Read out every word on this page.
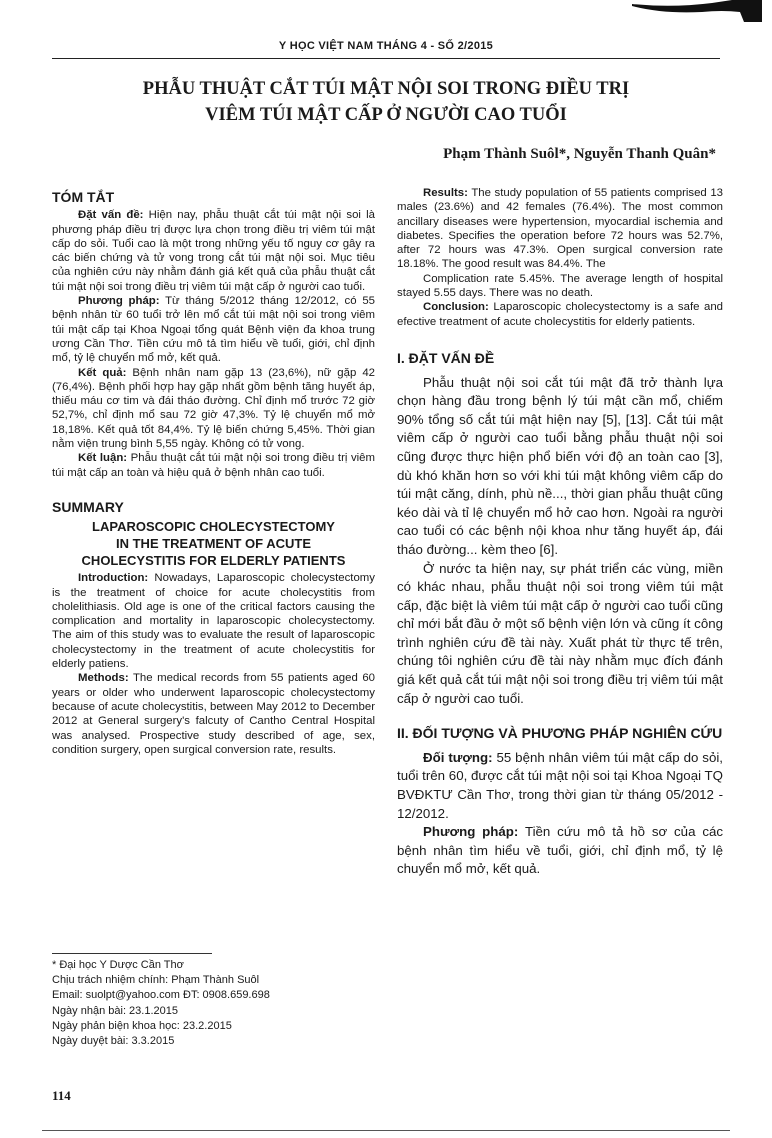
Y HỌC VIỆT NAM THÁNG 4 - SỐ 2/2015
PHẪU THUẬT CẮT TÚI MẬT NỘI SOI TRONG ĐIỀU TRỊ
VIÊM TÚI MẬT CẤP Ở NGƯỜI CAO TUỔI
Phạm Thành Suôl*, Nguyễn Thanh Quân*
TÓM TẮT

Đặt vấn đề: Hiện nay, phẫu thuật cắt túi mật nội soi là phương pháp điều trị được lựa chọn trong điều trị viêm túi mật cấp do sỏi. Tuổi cao là một trong những yếu tố nguy cơ gây ra các biến chứng và tử vong trong cắt túi mật nội soi. Mục tiêu của nghiên cứu này nhằm đánh giá kết quả của phẫu thuật cắt túi mật nội soi trong điều trị viêm túi mật cấp ở người cao tuổi.

Phương pháp: Từ tháng 5/2012 tháng 12/2012, có 55 bệnh nhân từ 60 tuổi trở lên mổ cắt túi mật nội soi trong viêm túi mật cấp tại Khoa Ngoại tổng quát Bệnh viện đa khoa trung ương Cần Thơ. Tiền cứu mô tả tìm hiểu về tuổi, giới, chỉ định mổ, tỷ lệ chuyển mổ mở, kết quả.

Kết quả: Bệnh nhân nam gặp 13 (23,6%), nữ gặp 42 (76,4%). Bệnh phối hợp hay gặp nhất gồm bệnh tăng huyết áp, thiếu máu cơ tim và đái tháo đường. Chỉ định mổ trước 72 giờ 52,7%, chỉ định mổ sau 72 giờ 47,3%. Tỷ lệ chuyển mổ mở 18,18%. Kết quả tốt 84,4%. Tỷ lệ biến chứng 5,45%. Thời gian nằm viện trung bình 5,55 ngày. Không có tử vong.

Kết luận: Phẫu thuật cắt túi mật nội soi trong điều trị viêm túi mật cấp an toàn và hiệu quả ở bệnh nhân cao tuổi.

SUMMARY
LAPAROSCOPIC CHOLECYSTECTOMY
IN THE TREATMENT OF ACUTE
CHOLECYSTITIS FOR ELDERLY PATIENTS

Introduction: Nowadays, Laparoscopic cholecystectomy is the treatment of choice for acute cholecystitis from cholelithiasis. Old age is one of the critical factors causing the complication and mortality in laparoscopic cholecystectomy. The aim of this study was to evaluate the result of laparoscopic cholecystectomy in the treatment of acute cholecystitis for elderly patiens.

Methods: The medical records from 55 patients aged 60 years or older who underwent laparoscopic cholecystectomy because of acute cholecystitis, between May 2012 to December 2012 at General surgery's falcuty of Cantho Central Hospital was analysed. Prospective study described of age, sex, condition surgery, open surgical conversion rate, results.

Results: The study population of 55 patients comprised 13 males (23.6%) and 42 females (76.4%). The most common ancillary diseases were hypertension, myocardial ischemia and diabetes. Specifies the operation before 72 hours was 52.7%, after 72 hours was 47.3%. Open surgical conversion rate 18.18%. The good result was 84.4%. The

Complication rate 5.45%. The average length of hospital stayed 5.55 days. There was no death.

Conclusion: Laparoscopic cholecystectomy is a safe and efective treatment of acute cholecystitis for elderly patients.

I. ĐẶT VẤN ĐỀ

Phẫu thuật nội soi cắt túi mật đã trở thành lựa chọn hàng đầu trong bệnh lý túi mật cần mổ, chiếm 90% tổng số cắt túi mật hiện nay [5], [13]. Cắt túi mật viêm cấp ở người cao tuổi bằng phẫu thuật nội soi cũng được thực hiện phổ biến với độ an toàn cao [3], dù khó khăn hơn so với khi túi mật không viêm cấp do túi mật căng, dính, phù nề..., thời gian phẫu thuật cũng kéo dài và tỉ lệ chuyển mổ hở cao hơn. Ngoài ra người cao tuổi có các bệnh nội khoa như tăng huyết áp, đái tháo đường... kèm theo [6].

Ở nước ta hiện nay, sự phát triển các vùng, miền có khác nhau, phẫu thuật nội soi trong viêm túi mật cấp, đặc biệt là viêm túi mật cấp ở người cao tuổi cũng chỉ mới bắt đầu ở một số bệnh viện lớn và cũng ít công trình nghiên cứu đề tài này. Xuất phát từ thực tế trên, chúng tôi nghiên cứu đề tài này nhằm mục đích đánh giá kết quả cắt túi mật nội soi trong điều trị viêm túi mật cấp ở người cao tuổi.

II. ĐỐI TƯỢNG VÀ PHƯƠNG PHÁP NGHIÊN CỨU

Đối tượng: 55 bệnh nhân viêm túi mật cấp do sỏi, tuổi trên 60, được cắt túi mật nội soi tại Khoa Ngoại TQ BVĐKTƯ Cần Thơ, trong thời gian từ tháng 05/2012 - 12/2012.

Phương pháp: Tiền cứu mô tả hồ sơ của các bệnh nhân tìm hiểu về tuổi, giới, chỉ định mổ, tỷ lệ chuyển mổ mở, kết quả.

* Đại học Y Dược Cần Thơ
Chịu trách nhiệm chính: Phạm Thành Suôl
Email: suolpt@yahoo.com ĐT: 0908.659.698
Ngày nhận bài: 23.1.2015
Ngày phản biện khoa học: 23.2.2015
Ngày duyệt bài: 3.3.2015
114
